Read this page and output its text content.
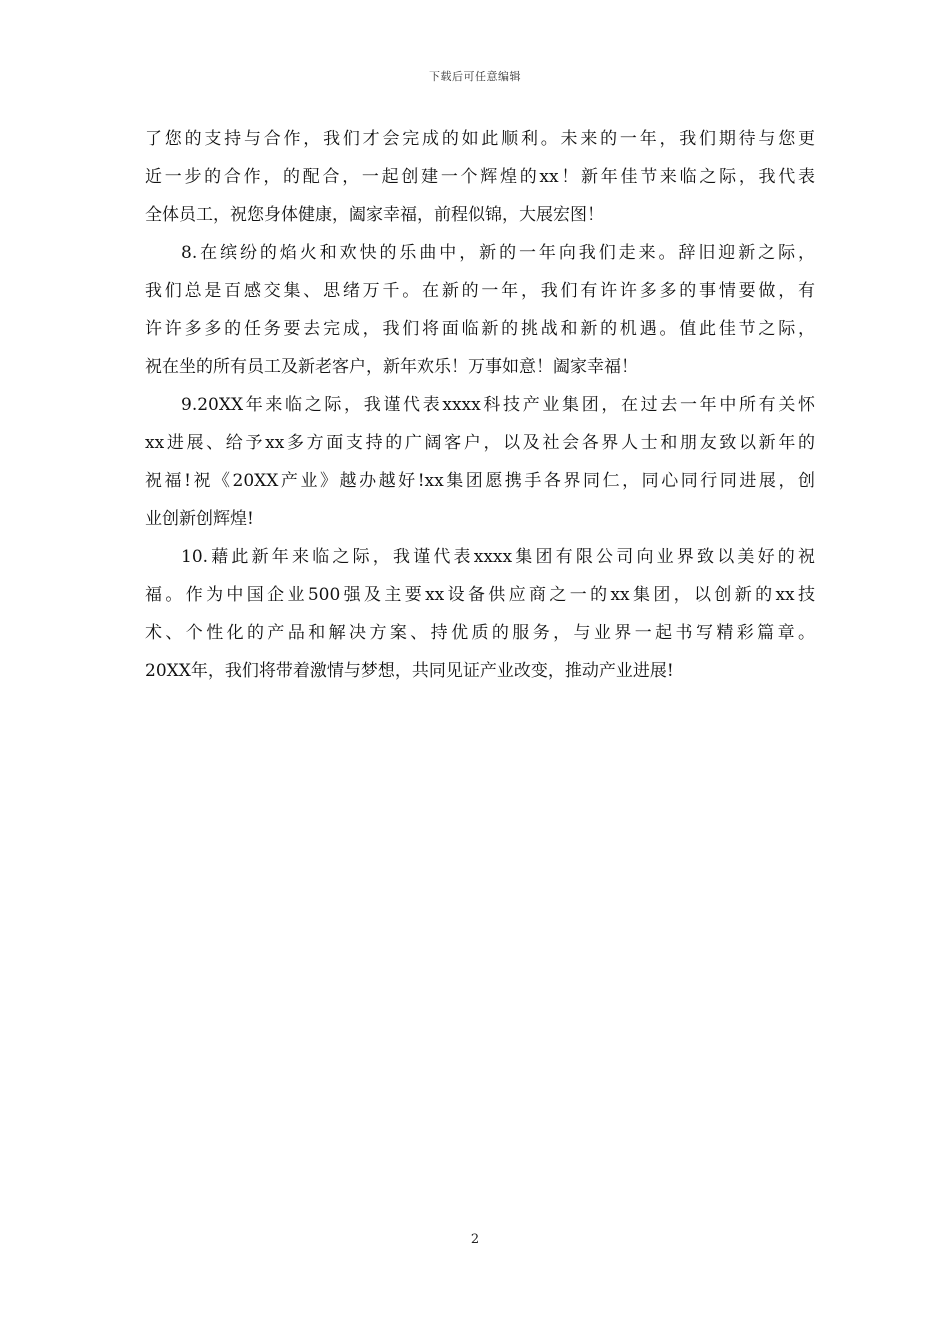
下载后可任意编辑
了您的支持与合作，我们才会完成的如此顺利。未来的一年，我们期待与您更
近一步的合作，的配合，一起创建一个辉煌的xx！新年佳节来临之际，我代表
全体员工，祝您身体健康，阖家幸福，前程似锦，大展宏图！
8.在缤纷的焰火和欢快的乐曲中，新的一年向我们走来。辞旧迎新之际，
我们总是百感交集、思绪万千。在新的一年，我们有许许多多的事情要做，有
许许多多的任务要去完成，我们将面临新的挑战和新的机遇。值此佳节之际，
祝在坐的所有员工及新老客户，新年欢乐！万事如意！阖家幸福！
9.20XX年来临之际，我谨代表xxxx科技产业集团，在过去一年中所有关怀
xx进展、给予xx多方面支持的广阔客户，以及社会各界人士和朋友致以新年的
祝福!祝《20XX产业》越办越好!xx集团愿携手各界同仁，同心同行同进展，创
业创新创辉煌!
10.藉此新年来临之际，我谨代表xxxx集团有限公司向业界致以美好的祝
福。作为中国企业500强及主要xx设备供应商之一的xx集团，以创新的xx技
术、个性化的产品和解决方案、持优质的服务，与业界一起书写精彩篇章。
20XX年，我们将带着激情与梦想，共同见证产业改变，推动产业进展!
2
